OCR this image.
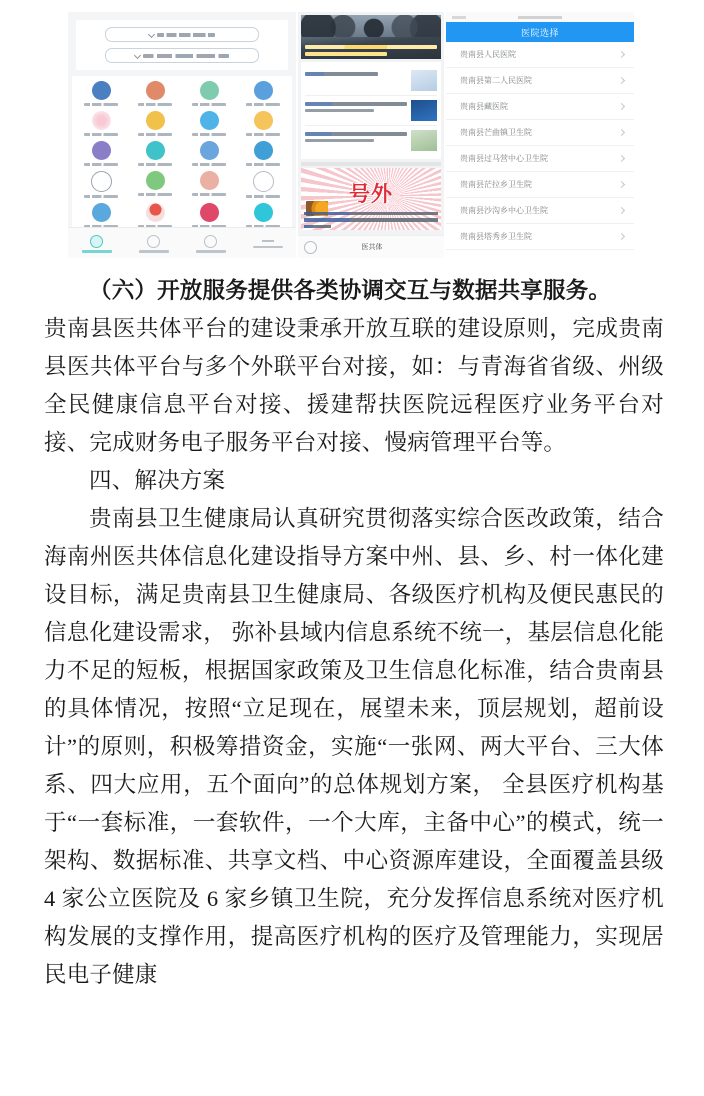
号外
医共体
医院选择
贵南县人民医院
贵南县第二人民医院
贵南县藏医院
贵南县芒曲镇卫生院
贵南县过马营中心卫生院
贵南县茫拉乡卫生院
贵南县沙沟乡中心卫生院
贵南县塔秀乡卫生院

（六）开放服务提供各类协调交互与数据共享服务。

贵南县医共体平台的建设秉承开放互联的建设原则，完成贵南县医共体平台与多个外联平台对接，如：与青海省省级、州级全民健康信息平台对接、援建帮扶医院远程医疗业务平台对接、完成财务电子服务平台对接、慢病管理平台等。

四、解决方案

贵南县卫生健康局认真研究贯彻落实综合医改政策，结合海南州医共体信息化建设指导方案中州、县、乡、村一体化建设目标，满足贵南县卫生健康局、各级医疗机构及便民惠民的信息化建设需求， 弥补县域内信息系统不统一，基层信息化能力不足的短板，根据国家政策及卫生信息化标准，结合贵南县的具体情况，按照“立足现在，展望未来，顶层规划，超前设计”的原则，积极筹措资金，实施“一张网、两大平台、三大体系、四大应用，五个面向”的总体规划方案， 全县医疗机构基于“一套标准，一套软件，一个大库，主备中心”的模式，统一架构、数据标准、共享文档、中心资源库建设，全面覆盖县级 4 家公立医院及 6 家乡镇卫生院，充分发挥信息系统对医疗机构发展的支撑作用，提高医疗机构的医疗及管理能力，实现居民电子健康
